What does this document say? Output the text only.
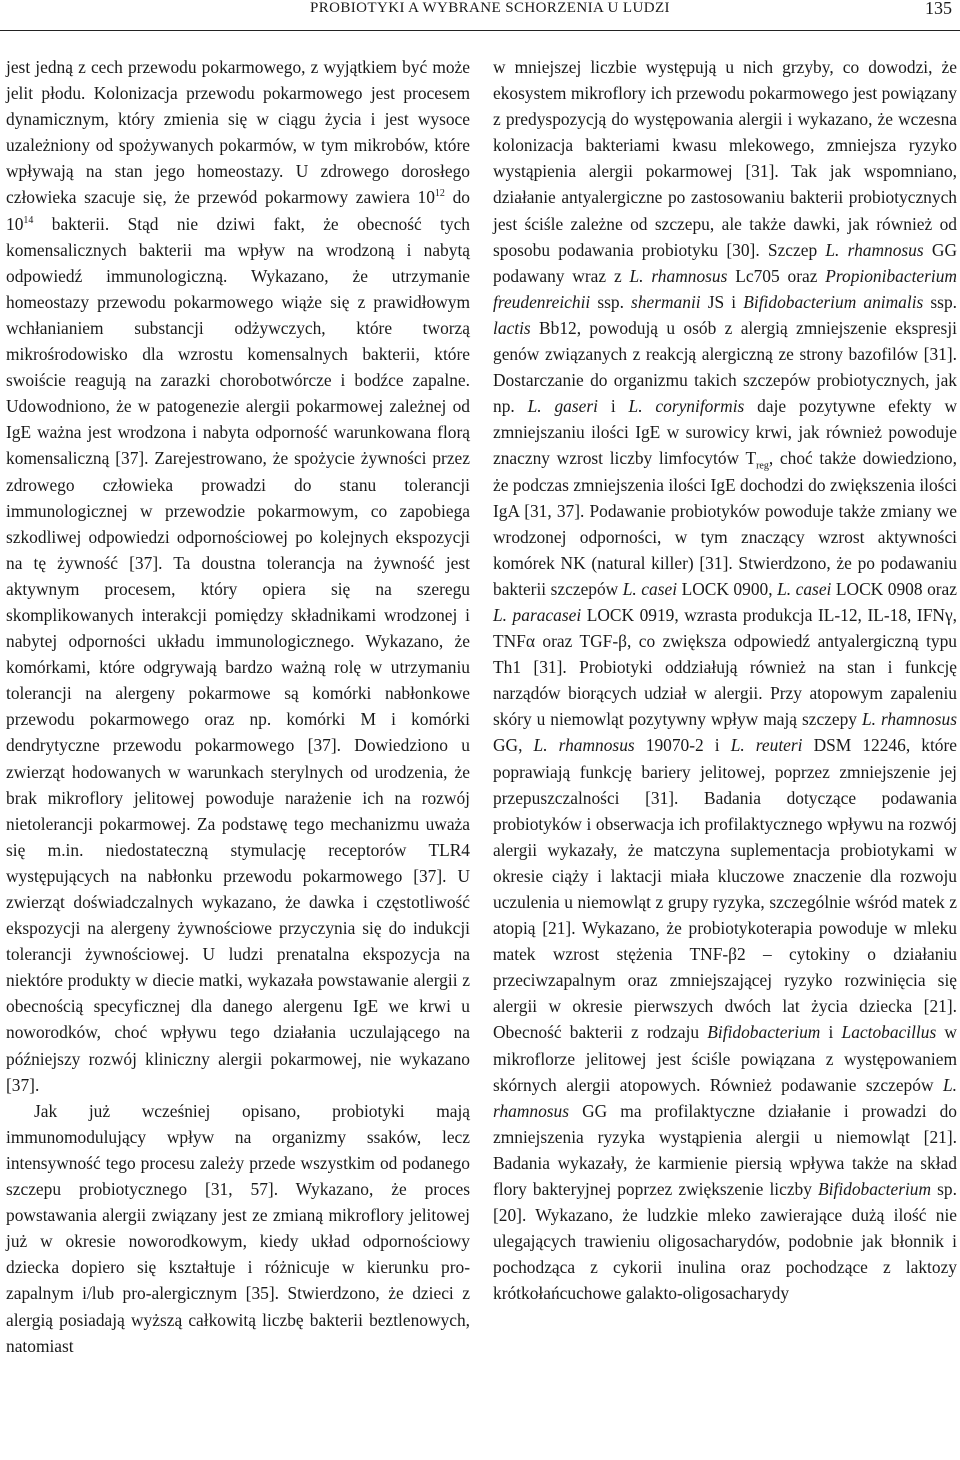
PROBIOTYKI A WYBRANE SCHORZENIA U LUDZI	135

jest jedną z cech przewodu pokarmowego, z wyjątkiem być może jelit płodu. Kolonizacja przewodu pokarmowego jest procesem dynamicznym, który zmienia się w ciągu życia i jest wysoce uzależniony od spożywanych pokarmów, w tym mikrobów, które wpływają na stan jego homeostazy. U zdrowego dorosłego człowieka szacuje się, że przewód pokarmowy zawiera $10^{12}$ do $10^{14}$ bakterii. Stąd nie dziwi fakt, że obecność tych komensalicznych bakterii ma wpływ na wrodzoną i nabytą odpowiedź immunologiczną. Wykazano, że utrzymanie homeostazy przewodu pokarmowego wiąże się z prawidłowym wchłanianiem substancji odżywczych, które tworzą mikrośrodowisko dla wzrostu komensalnych bakterii, które swoiście reagują na zarazki chorobotwórcze i bodźce zapalne. Udowodniono, że w patogenezie alergii pokarmowej zależnej od IgE ważna jest wrodzona i nabyta odporność warunkowana florą komensaliczną [37]. Zarejestrowano, że spożycie żywności przez zdrowego człowieka prowadzi do stanu tolerancji immunologicznej w przewodzie pokarmowym, co zapobiega szkodliwej odpowiedzi odpornościowej po kolejnych ekspozycji na tę żywność [37]. Ta doustna tolerancja na żywność jest aktywnym procesem, który opiera się na szeregu skomplikowanych interakcji pomiędzy składnikami wrodzonej i nabytej odporności układu immunologicznego. Wykazano, że komórkami, które odgrywają bardzo ważną rolę w utrzymaniu tolerancji na alergeny pokarmowe są komórki nabłonkowe przewodu pokarmowego oraz np. komórki M i komórki dendrytyczne przewodu pokarmowego [37]. Dowiedziono u zwierząt hodowanych w warunkach sterylnych od urodzenia, że brak mikroflory jelitowej powoduje narażenie ich na rozwój nietolerancji pokarmowej. Za podstawę tego mechanizmu uważa się m.in. niedostateczną stymulację receptorów TLR4 występujących na nabłonku przewodu pokarmowego [37]. U zwierząt doświadczalnych wykazano, że dawka i częstotliwość ekspozycji na alergeny żywnościowe przyczynia się do indukcji tolerancji żywnościowej. U ludzi prenatalna ekspozycja na niektóre produkty w diecie matki, wykazała powstawanie alergii z obecnością specyficznej dla danego alergenu IgE we krwi u noworodków, choć wpływu tego działania uczulającego na późniejszy rozwój kliniczny alergii pokarmowej, nie wykazano [37].

Jak już wcześniej opisano, probiotyki mają immunomodulujący wpływ na organizmy ssaków, lecz intensywność tego procesu zależy przede wszystkim od podanego szczepu probiotycznego [31, 57]. Wykazano, że proces powstawania alergii związany jest ze zmianą mikroflory jelitowej już w okresie noworodkowym, kiedy układ odpornościowy dziecka dopiero się kształtuje i różnicuje w kierunku pro-zapalnym i/lub pro-alergicznym [35]. Stwierdzono, że dzieci z alergią posiadają wyższą całkowitą liczbę bakterii beztlenowych, natomiast

w mniejszej liczbie występują u nich grzyby, co dowodzi, że ekosystem mikroflory ich przewodu pokarmowego jest powiązany z predyspozycją do występowania alergii i wykazano, że wczesna kolonizacja bakteriami kwasu mlekowego, zmniejsza ryzyko wystąpienia alergii pokarmowej [31]. Tak jak wspomniano, działanie antyalergiczne po zastosowaniu bakterii probiotycznych jest ściśle zależne od szczepu, ale także dawki, jak również od sposobu podawania probiotyku [30]. Szczep L. rhamnosus GG podawany wraz z L. rhamnosus Lc705 oraz Propionibacterium freudenreichii ssp. shermanii JS i Bifidobacterium animalis ssp. lactis Bb12, powodują u osób z alergią zmniejszenie ekspresji genów związanych z reakcją alergiczną ze strony bazofilów [31]. Dostarczanie do organizmu takich szczepów probiotycznych, jak np. L. gaseri i L. coryniformis daje pozytywne efekty w zmniejszaniu ilości IgE w surowicy krwi, jak również powoduje znaczny wzrost liczby limfocytów $T_{reg}$, choć także dowiedziono, że podczas zmniejszenia ilości IgE dochodzi do zwiększenia ilości IgA [31, 37]. Podawanie probiotyków powoduje także zmiany we wrodzonej odporności, w tym znaczący wzrost aktywności komórek NK (natural killer) [31]. Stwierdzono, że po podawaniu bakterii szczepów L. casei LOCK 0900, L. casei LOCK 0908 oraz L. paracasei LOCK 0919, wzrasta produkcja IL-12, IL-18, IFNγ, TNFα oraz TGF-β, co zwiększa odpowiedź antyalergiczną typu Th1 [31]. Probiotyki oddziałują również na stan i funkcję narządów biorących udział w alergii. Przy atopowym zapaleniu skóry u niemowląt pozytywny wpływ mają szczepy L. rhamnosus GG, L. rhamnosus 19070-2 i L. reuteri DSM 12246, które poprawiają funkcję bariery jelitowej, poprzez zmniejszenie jej przepuszczalności [31]. Badania dotyczące podawania probiotyków i obserwacja ich profilaktycznego wpływu na rozwój alergii wykazały, że matczyna suplementacja probiotykami w okresie ciąży i laktacji miała kluczowe znaczenie dla rozwoju uczulenia u niemowląt z grupy ryzyka, szczególnie wśród matek z atopią [21]. Wykazano, że probiotykoterapia powoduje w mleku matek wzrost stężenia TNF-β2 – cytokiny o działaniu przeciwzapalnym oraz zmniejszającej ryzyko rozwinięcia się alergii w okresie pierwszych dwóch lat życia dziecka [21]. Obecność bakterii z rodzaju Bifidobacterium i Lactobacillus w mikroflorze jelitowej jest ściśle powiązana z występowaniem skórnych alergii atopowych. Również podawanie szczepów L. rhamnosus GG ma profilaktyczne działanie i prowadzi do zmniejszenia ryzyka wystąpienia alergii u niemowląt [21]. Badania wykazały, że karmienie piersią wpływa także na skład flory bakteryjnej poprzez zwiększenie liczby Bifidobacterium sp. [20]. Wykazano, że ludzkie mleko zawierające dużą ilość nie ulegających trawieniu oligosacharydów, podobnie jak błonnik i pochodząca z cykorii inulina oraz pochodzące z laktozy krótkołańcuchowe galakto-oligosacharydy
